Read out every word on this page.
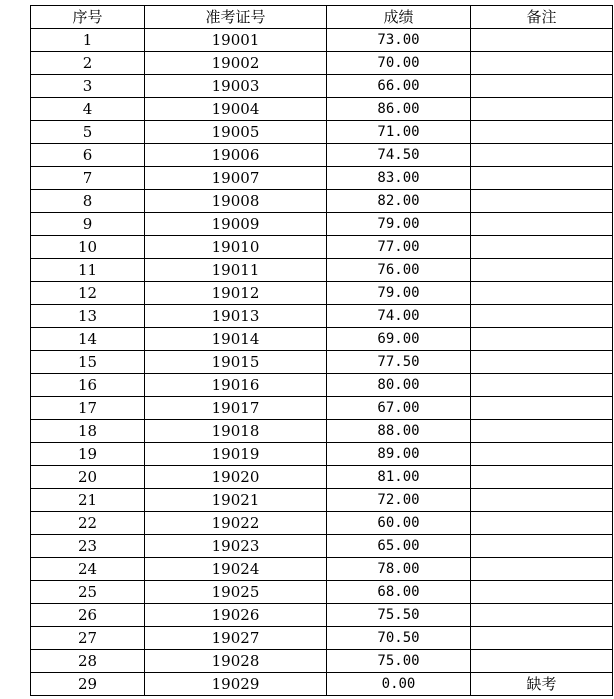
序号	准考证号	成绩	备注
1	19001	73.00	
2	19002	70.00	
3	19003	66.00	
4	19004	86.00	
5	19005	71.00	
6	19006	74.50	
7	19007	83.00	
8	19008	82.00	
9	19009	79.00	
10	19010	77.00	
11	19011	76.00	
12	19012	79.00	
13	19013	74.00	
14	19014	69.00	
15	19015	77.50	
16	19016	80.00	
17	19017	67.00	
18	19018	88.00	
19	19019	89.00	
20	19020	81.00	
21	19021	72.00	
22	19022	60.00	
23	19023	65.00	
24	19024	78.00	
25	19025	68.00	
26	19026	75.50	
27	19027	70.50	
28	19028	75.00	
29	19029	0.00	缺考
